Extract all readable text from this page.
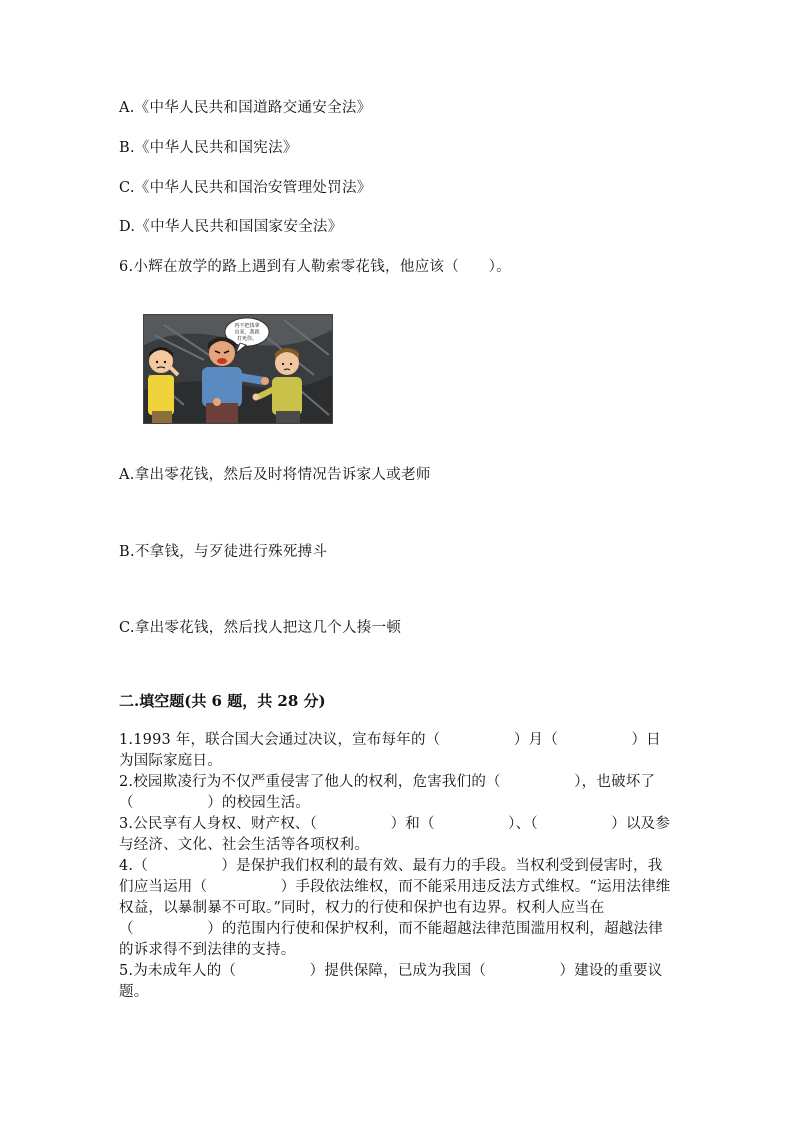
A.《中华人民共和国道路交通安全法》
B.《中华人民共和国宪法》
C.《中华人民共和国治安管理处罚法》
D.《中华人民共和国国家安全法》
6.小辉在放学的路上遇到有人勒索零花钱，他应该（　　）。
再不把钱拿
出来，我就
打死你。
A.拿出零花钱，然后及时将情况告诉家人或老师
B.不拿钱，与歹徒进行殊死搏斗
C.拿出零花钱，然后找人把这几个人揍一顿
二.填空题(共 6 题，共 28 分)

1.1993 年，联合国大会通过决议，宣布每年的（　　　　　）月（　　　　　）日为国际家庭日。

2.校园欺凌行为不仅严重侵害了他人的权利，危害我们的（　　　　　），也破坏了（　　　　　）的校园生活。

3.公民享有人身权、财产权、（　　　　　）和（　　　　　）、（　　　　　）以及参与经济、文化、社会生活等各项权利。

4.（　　　　　）是保护我们权利的最有效、最有力的手段。当权利受到侵害时，我们应当运用（　　　　　）手段依法维权，而不能采用违反法方式维权。“运用法律维权益，以暴制暴不可取。”同时，权力的行使和保护也有边界。权利人应当在（　　　　　）的范围内行使和保护权利，而不能超越法律范围滥用权利，超越法律的诉求得不到法律的支持。

5.为未成年人的（　　　　　）提供保障，已成为我国（　　　　　）建设的重要议题。
